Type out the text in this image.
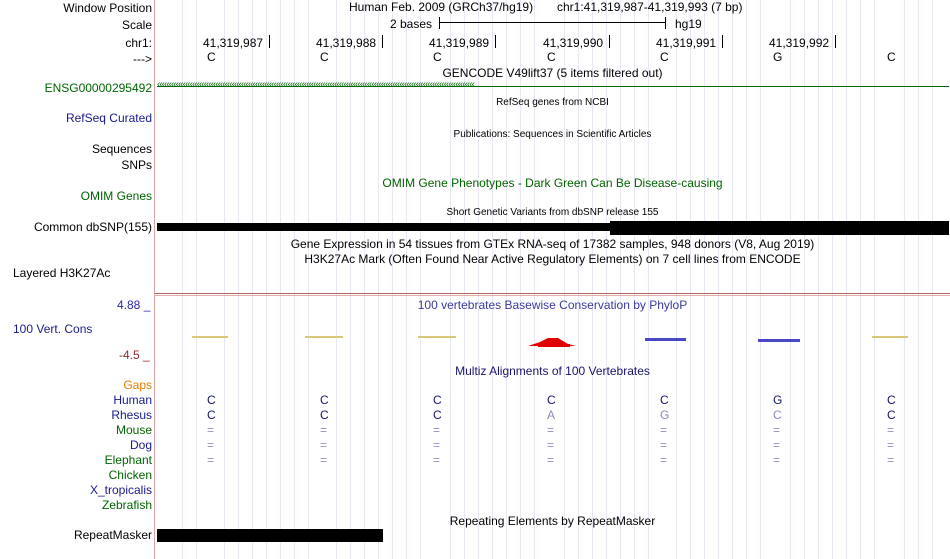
Window Position	Human Feb. 2009 (GRCh37/hg19) chr1:41,319,987-41,319,993 (7 bp)
Scale	2 bases	hg19
chr1:	41,319,987	41,319,988	41,319,989	41,319,990	41,319,991	41,319,992
--->	C	C	C	C	C	G	C
GENCODE V49lift37 (5 items filtered out)
ENSG00000295492 ‹‹‹‹‹‹‹‹‹‹‹‹‹‹‹‹‹‹‹‹‹‹‹‹‹‹‹‹‹‹‹‹‹‹‹‹‹‹‹‹‹‹‹‹‹‹‹‹‹‹‹‹‹‹‹‹‹‹‹‹‹‹‹‹‹‹‹‹‹‹‹‹‹‹‹‹‹‹‹‹‹‹‹‹‹‹‹‹‹‹‹‹‹‹‹‹‹‹‹‹‹‹‹‹‹‹‹‹‹‹‹‹‹‹‹‹‹‹‹‹‹‹‹‹‹‹‹‹‹‹‹‹‹‹‹‹
RefSeq genes from NCBI
RefSeq Curated
Publications: Sequences in Scientific Articles
Sequences
SNPs
OMIM Gene Phenotypes - Dark Green Can Be Disease-causing
OMIM Genes
Short Genetic Variants from dbSNP release 155
Common dbSNP(155)
Gene Expression in 54 tissues from GTEx RNA-seq of 17382 samples, 948 donors (V8, Aug 2019)
H3K27Ac Mark (Often Found Near Active Regulatory Elements) on 7 cell lines from ENCODE
Layered H3K27Ac
4.88 _	100 vertebrates Basewise Conservation by PhyloP
100 Vert. Cons
-4.5 _
Multiz Alignments of 100 Vertebrates
Gaps
Human	C	C	C	C	C	G	C
Rhesus	C	C	C	A	G	C	C
Mouse	=	=	=	=	=	=	=
Dog	=	=	=	=	=	=	=
Elephant	=	=	=	=	=	=	=
Chicken
X_tropicalis
Zebrafish
Repeating Elements by RepeatMasker
RepeatMasker
